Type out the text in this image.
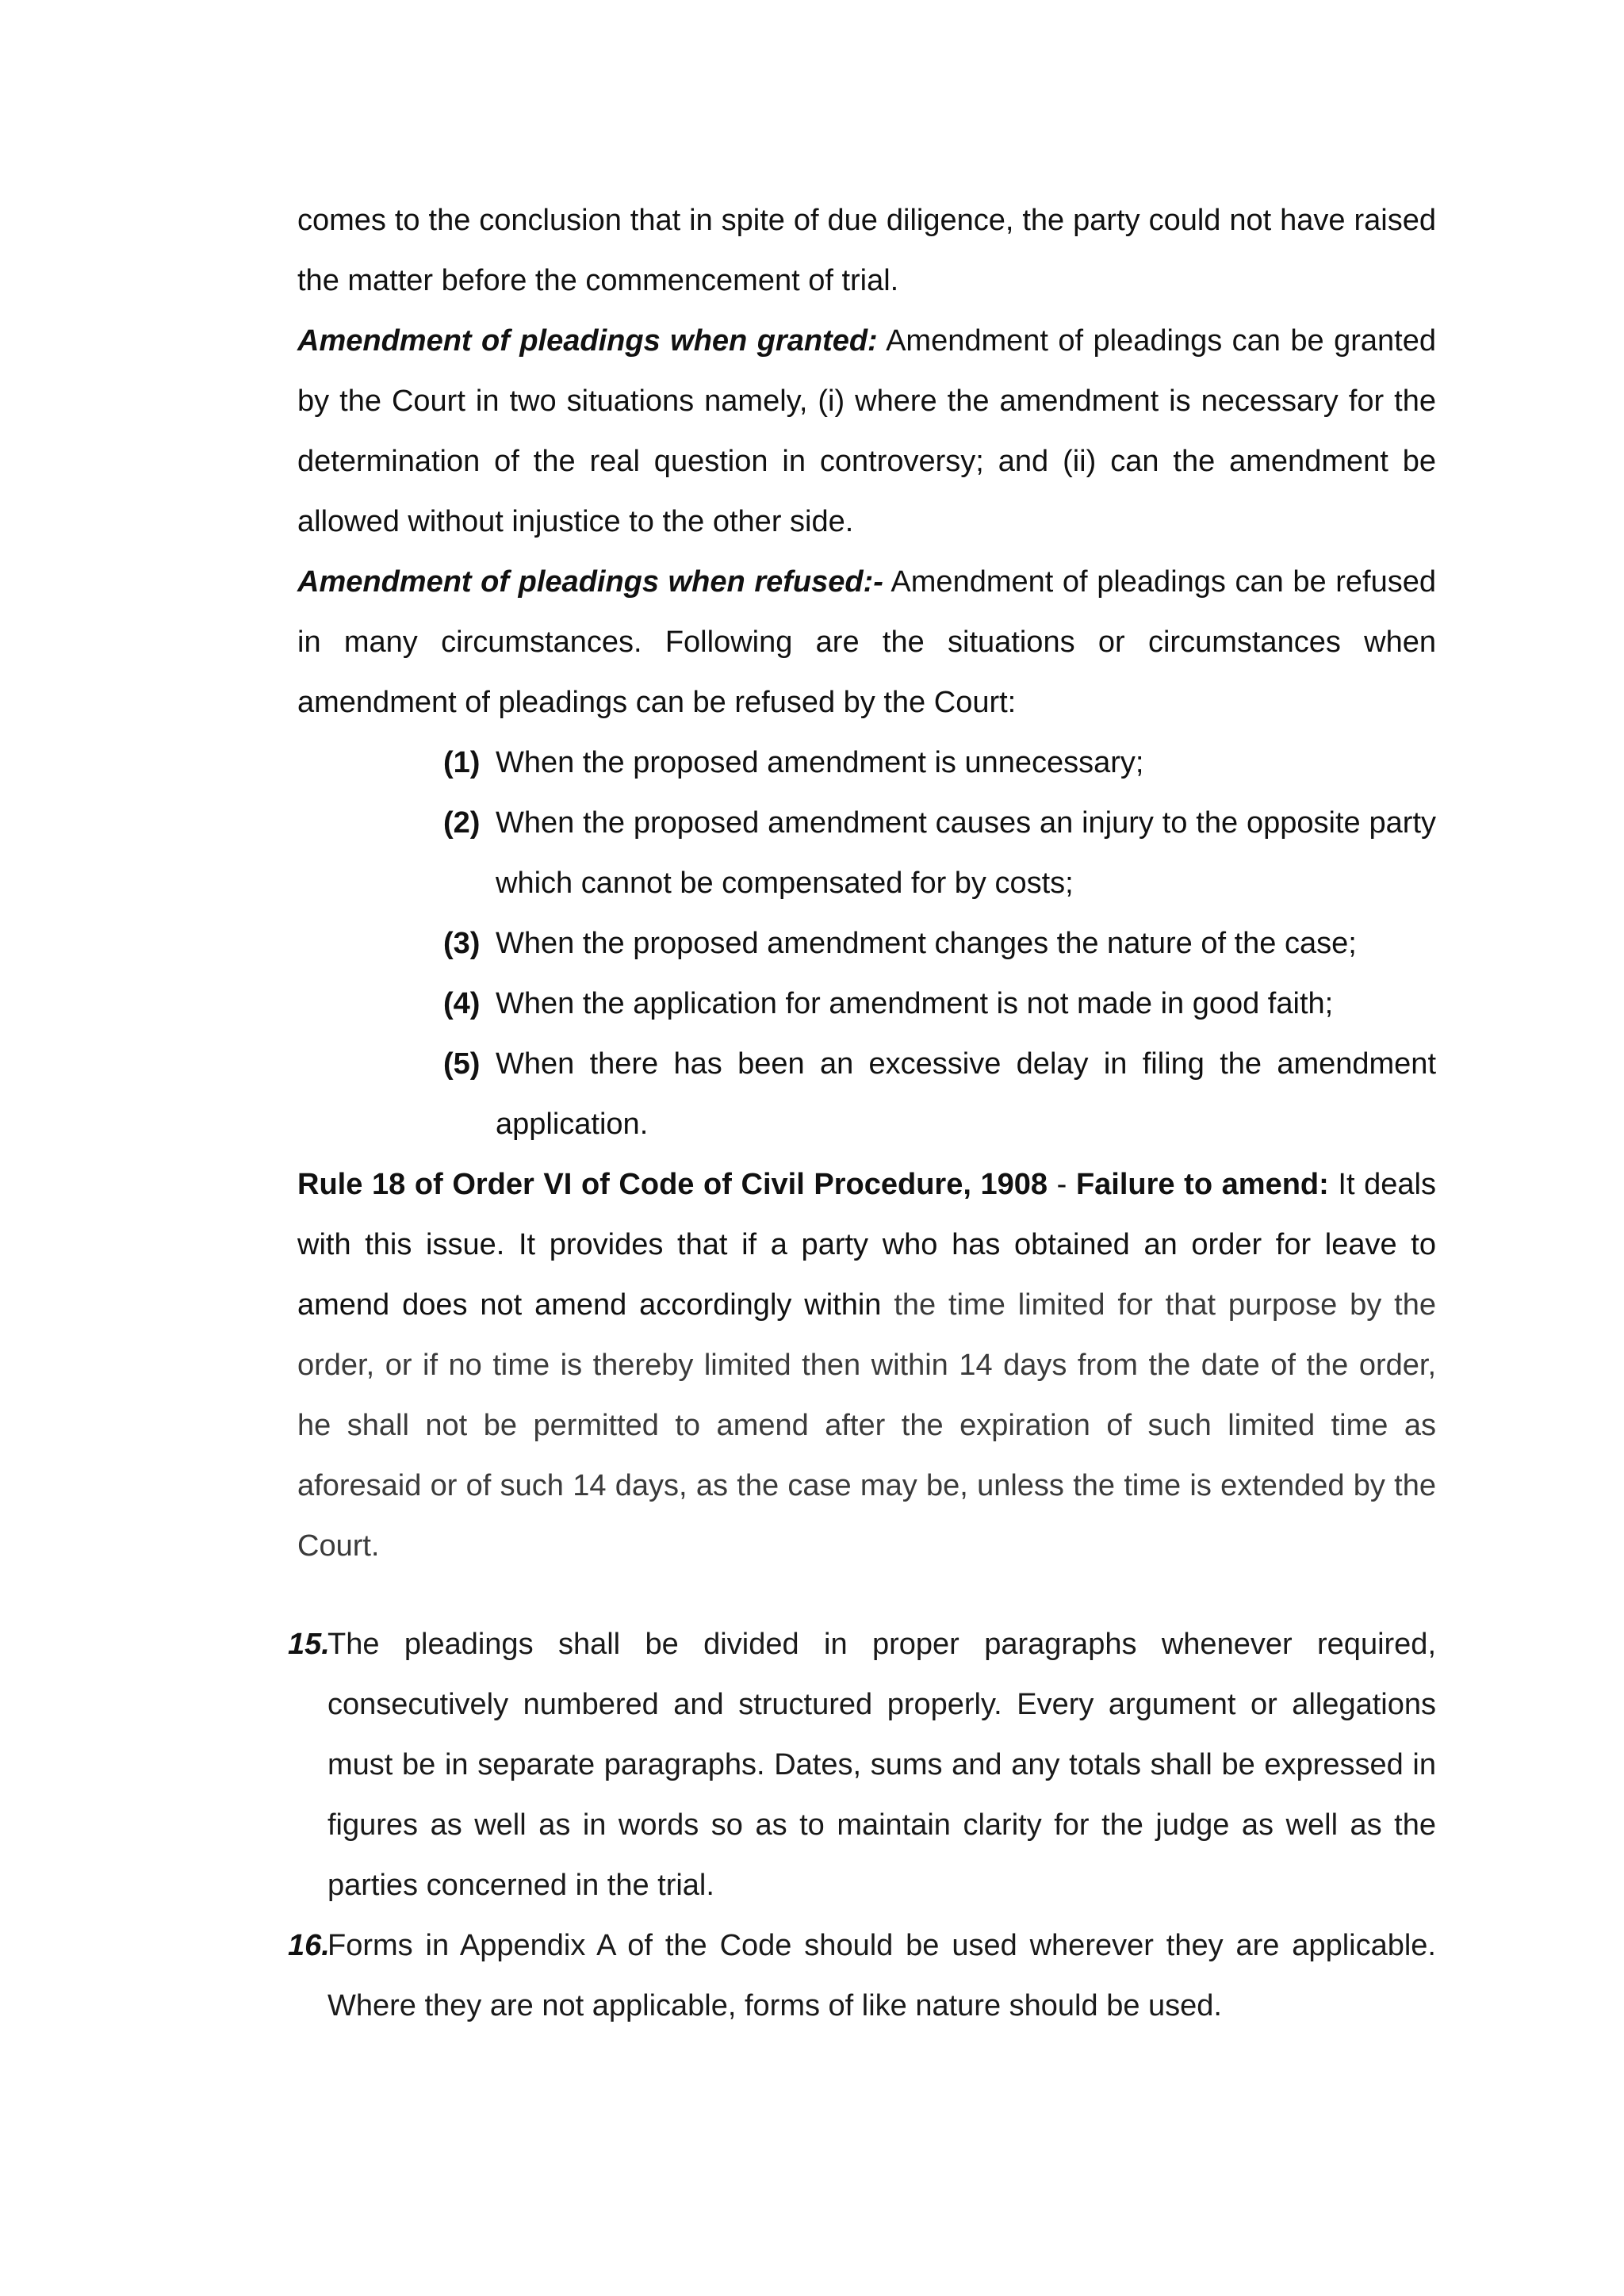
comes to the conclusion that in spite of due diligence, the party could not have raised the matter before the commencement of trial.

Amendment of pleadings when granted: Amendment of pleadings can be granted by the Court in two situations namely, (i) where the amendment is necessary for the determination of the real question in controversy; and (ii) can the amendment be allowed without injustice to the other side.

Amendment of pleadings when refused:- Amendment of pleadings can be refused in many circumstances. Following are the situations or circumstances when amendment of pleadings can be refused by the Court:

(1) When the proposed amendment is unnecessary;
(2) When the proposed amendment causes an injury to the opposite party which cannot be compensated for by costs;
(3) When the proposed amendment changes the nature of the case;
(4) When the application for amendment is not made in good faith;
(5) When there has been an excessive delay in filing the amendment application.

Rule 18 of Order VI of Code of Civil Procedure, 1908 - Failure to amend: It deals with this issue. It provides that if a party who has obtained an order for leave to amend does not amend accordingly within the time limited for that purpose by the order, or if no time is thereby limited then within 14 days from the date of the order, he shall not be permitted to amend after the expiration of such limited time as aforesaid or of such 14 days, as the case may be, unless the time is extended by the Court.

15.
The pleadings shall be divided in proper paragraphs whenever required, consecutively numbered and structured properly. Every argument or allegations must be in separate paragraphs. Dates, sums and any totals shall be expressed in figures as well as in words so as to maintain clarity for the judge as well as the parties concerned in the trial.
16.
Forms in Appendix A of the Code should be used wherever they are applicable. Where they are not applicable, forms of like nature should be used.
